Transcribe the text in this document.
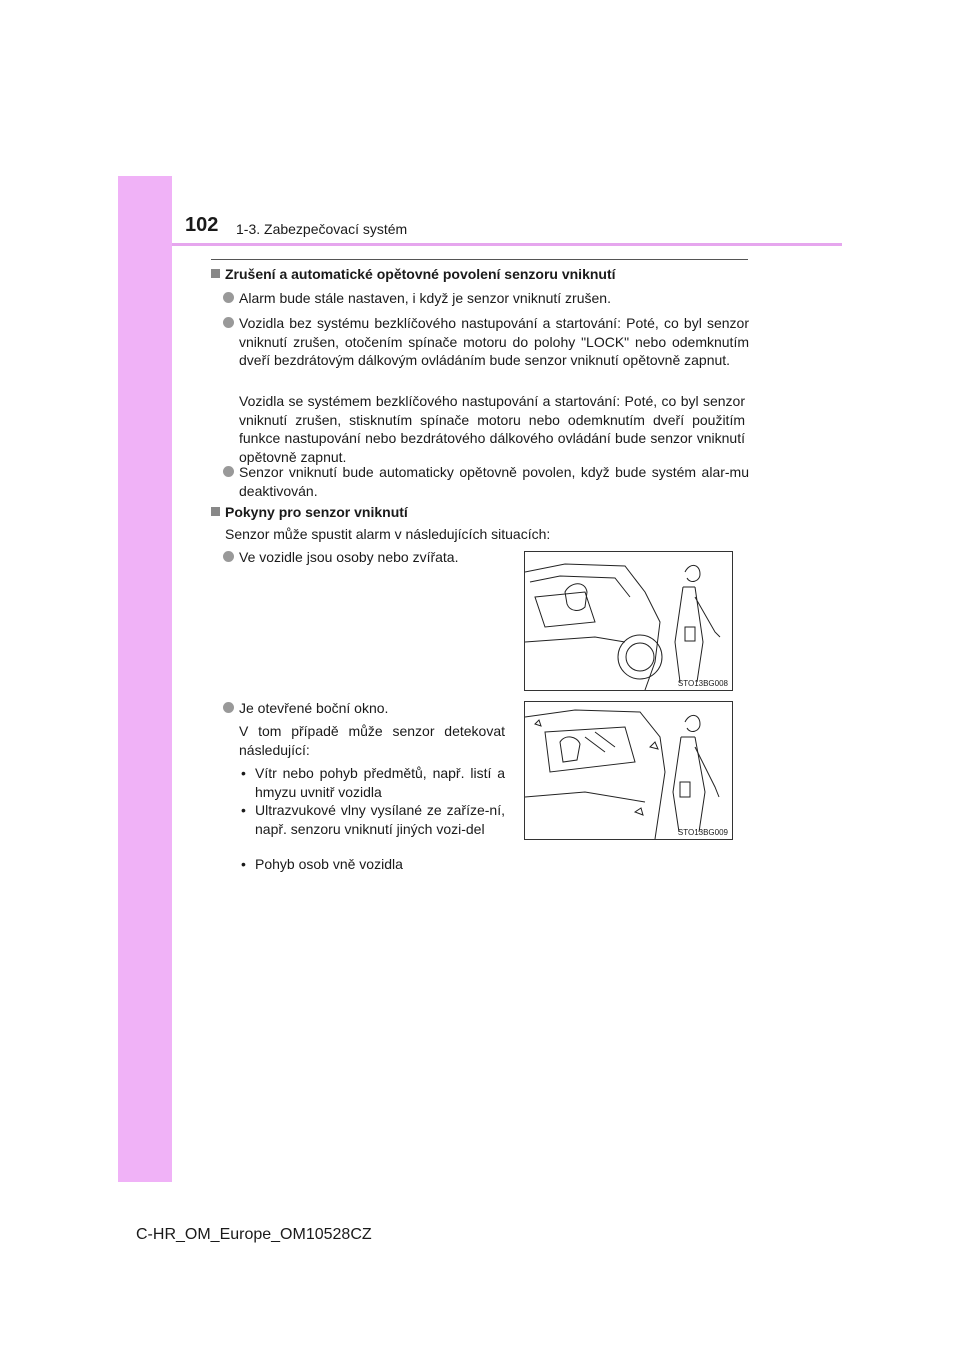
102 1-3. Zabezpečovací systém
Zrušení a automatické opětovné povolení senzoru vniknutí
Alarm bude stále nastaven, i když je senzor vniknutí zrušen.
Vozidla bez systému bezklíčového nastupování a startování: Poté, co byl senzor vniknutí zrušen, otočením spínače motoru do polohy "LOCK" nebo odemknutím dveří bezdrátovým dálkovým ovládáním bude senzor vniknutí opětovně zapnut.
Vozidla se systémem bezklíčového nastupování a startování: Poté, co byl senzor vniknutí zrušen, stisknutím spínače motoru nebo odemknutím dveří použitím funkce nastupování nebo bezdrátového dálkového ovládání bude senzor vniknutí opětovně zapnut.
Senzor vniknutí bude automaticky opětovně povolen, když bude systém alar-mu deaktivován.
Pokyny pro senzor vniknutí
Senzor může spustit alarm v následujících situacích:
Ve vozidle jsou osoby nebo zvířata.
STO13BG008
Je otevřené boční okno.
V tom případě může senzor detekovat následující:
• Vítr nebo pohyb předmětů, např. listí a hmyzu uvnitř vozidla
• Ultrazvukové vlny vysílané ze zaříze-ní, např. senzoru vniknutí jiných vozi-del
• Pohyb osob vně vozidla
STO13BG009
C-HR_OM_Europe_OM10528CZ
